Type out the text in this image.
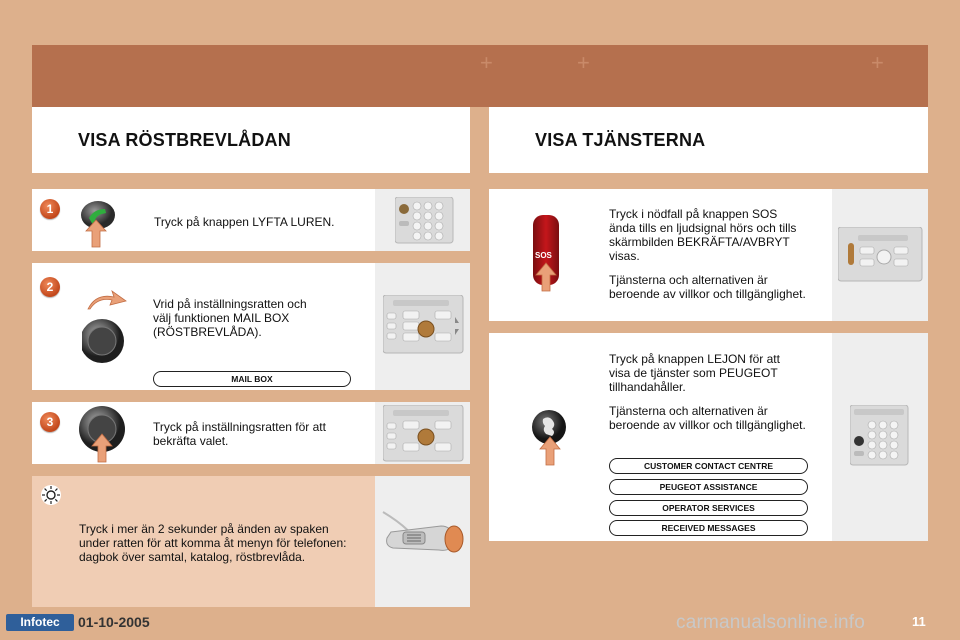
+	+	+
VISA RÖSTBREVLÅDAN	VISA TJÄNSTERNA
1
Tryck på knappen LYFTA LUREN.
2
Vrid på inställningsratten och
välj funktionen MAIL BOX
(RÖSTBREVLÅDA).
MAIL BOX
3	Tryck på inställningsratten för att
bekräfta valet.
Tryck i mer än 2 sekunder på änden av spaken
under ratten för att komma åt menyn för telefonen:
dagbok över samtal, katalog, röstbrevlåda.
SOS
Tryck i nödfall på knappen SOS
ända tills en ljudsignal hörs och tills
skärmbilden BEKRÄFTA/AVBRYT
visas.
Tjänsterna och alternativen är
beroende av villkor och tillgänglighet.
Tryck på knappen LEJON för att
visa de tjänster som PEUGEOT
tillhandahåller.
Tjänsterna och alternativen är
beroende av villkor och tillgänglighet.
CUSTOMER CONTACT CENTRE
PEUGEOT ASSISTANCE
OPERATOR SERVICES
RECEIVED MESSAGES
Infotec	01-10-2005	carmanualsonline.info	11
